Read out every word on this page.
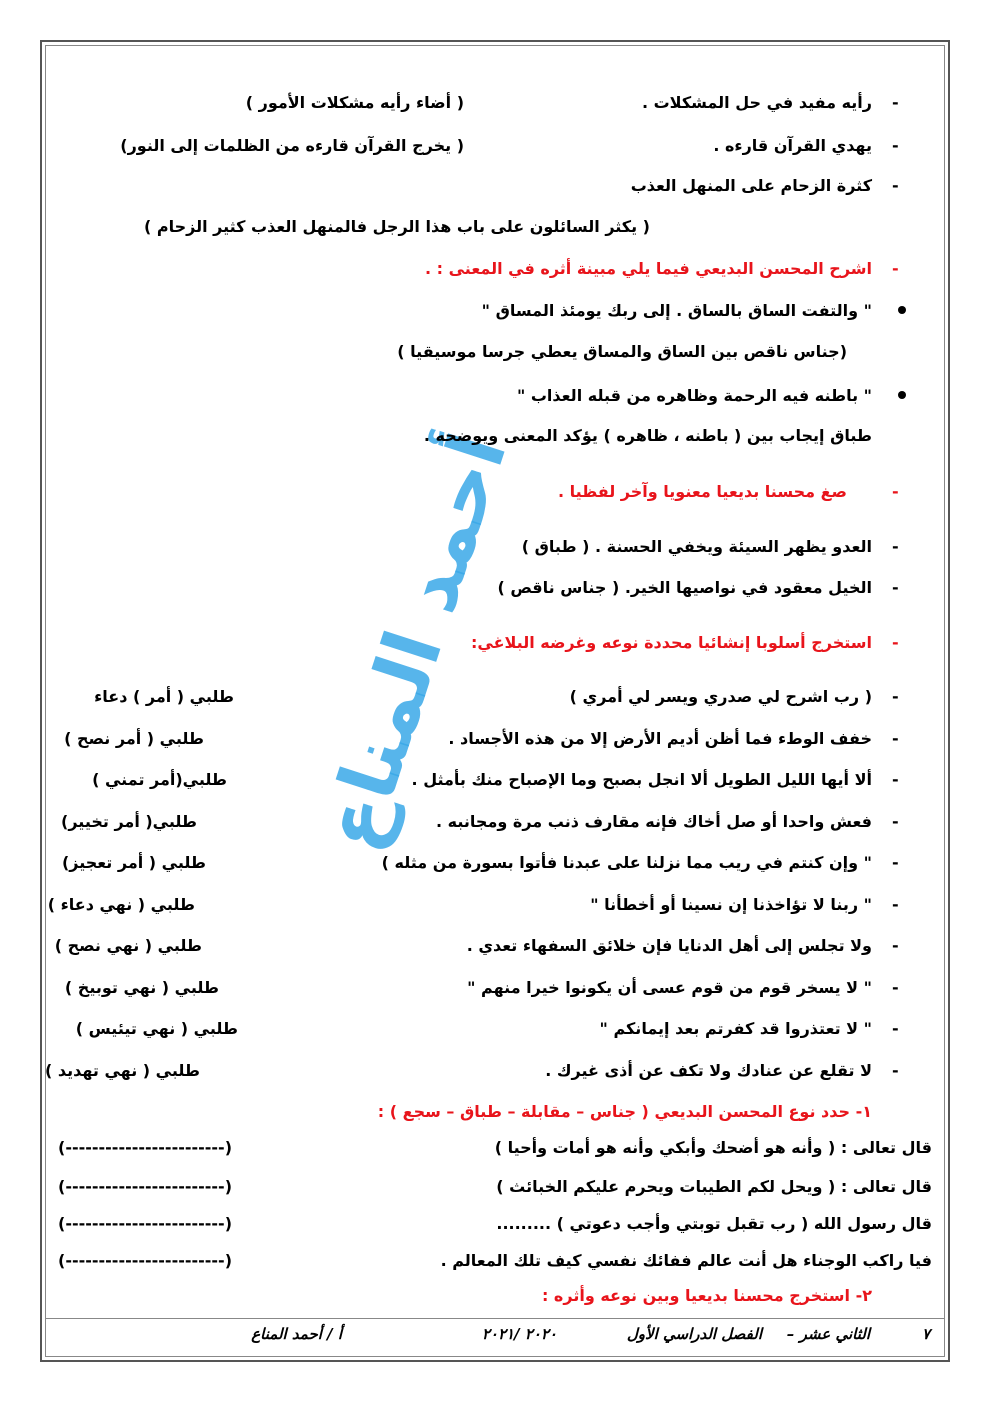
أحمد المناع
-
رأيه مفيد في حل المشكلات .
( أضاء رأيه مشكلات الأمور )
-
يهدي القرآن قارءه .
( يخرج القرآن قارءه من الظلمات إلى النور)
-
كثرة الزحام على المنهل العذب
( يكثر السائلون على باب هذا الرجل فالمنهل العذب كثير الزحام )
-
اشرح المحسن البديعي فيما يلي مبينة أثره في المعنى : .
" والتفت الساق بالساق . إلى ربك يومئذ المساق "
(جناس ناقص بين الساق والمساق يعطي جرسا موسيقيا )
" باطنه فيه الرحمة وظاهره من قبله العذاب "
طباق إيجاب بين ( باطنه ، ظاهره ) يؤكد المعنى ويوضحه .
-
صغ محسنا بديعيا معنويا وآخر لفظيا .
-
العدو يظهر السيئة ويخفي الحسنة . ( طباق )
-
الخيل معقود في نواصيها الخير. ( جناس ناقص )
-
استخرج أسلوبا إنشائيا محددة نوعه وغرضه البلاغي:
-
( رب اشرح لي صدري ويسر لي أمري )
طلبي ( أمر ) دعاء
-
خفف الوطء فما أظن أديم الأرض إلا من هذه الأجساد .
طلبي ( أمر نصح )
-
ألا أيها الليل الطويل ألا انجل بصبح وما الإصباح منك بأمثل .
طلبي(أمر تمني )
-
فعش واحدا أو صل أخاك فإنه مقارف ذنب مرة ومجانبه .
طلبي( أمر تخيير)
-
" وإن كنتم في ريب مما نزلنا على عبدنا فأتوا بسورة من مثله )
طلبي ( أمر تعجيز)
-
" ربنا لا تؤاخذنا إن نسينا أو أخطأنا "
طلبي ( نهي دعاء )
-
ولا تجلس إلى أهل الدنايا فإن خلائق السفهاء تعدي .
طلبي ( نهي نصح )
-
" لا يسخر قوم من قوم عسى أن يكونوا خيرا منهم "
طلبي ( نهي توبيخ )
-
" لا تعتذروا قد كفرتم بعد إيمانكم "
طلبي ( نهي تيئيس )
-
لا تقلع عن عنادك ولا تكف عن أذى غيرك .
طلبي ( نهي تهديد )
١- حدد نوع المحسن البديعي ( جناس – مقابلة – طباق – سجع ) :
قال تعالى : ( وأنه هو أضحك وأبكي وأنه هو أمات وأحيا )
(------------------------)
قال تعالى : ( ويحل لكم الطيبات ويحرم عليكم الخبائث )
(------------------------)
قال رسول الله ( رب تقبل توبتي وأجب دعوتي ) .........
(------------------------)
فيا راكب الوجناء هل أنت عالم ففائك نفسي كيف تلك المعالم .
(------------------------)
٢- استخرج محسنا بديعيا وبين نوعه وأثره :
٧
الثاني عشر –
الفصل الدراسي الأول
٢٠٢٠ /٢٠٢١
أ / أحمد المناع
